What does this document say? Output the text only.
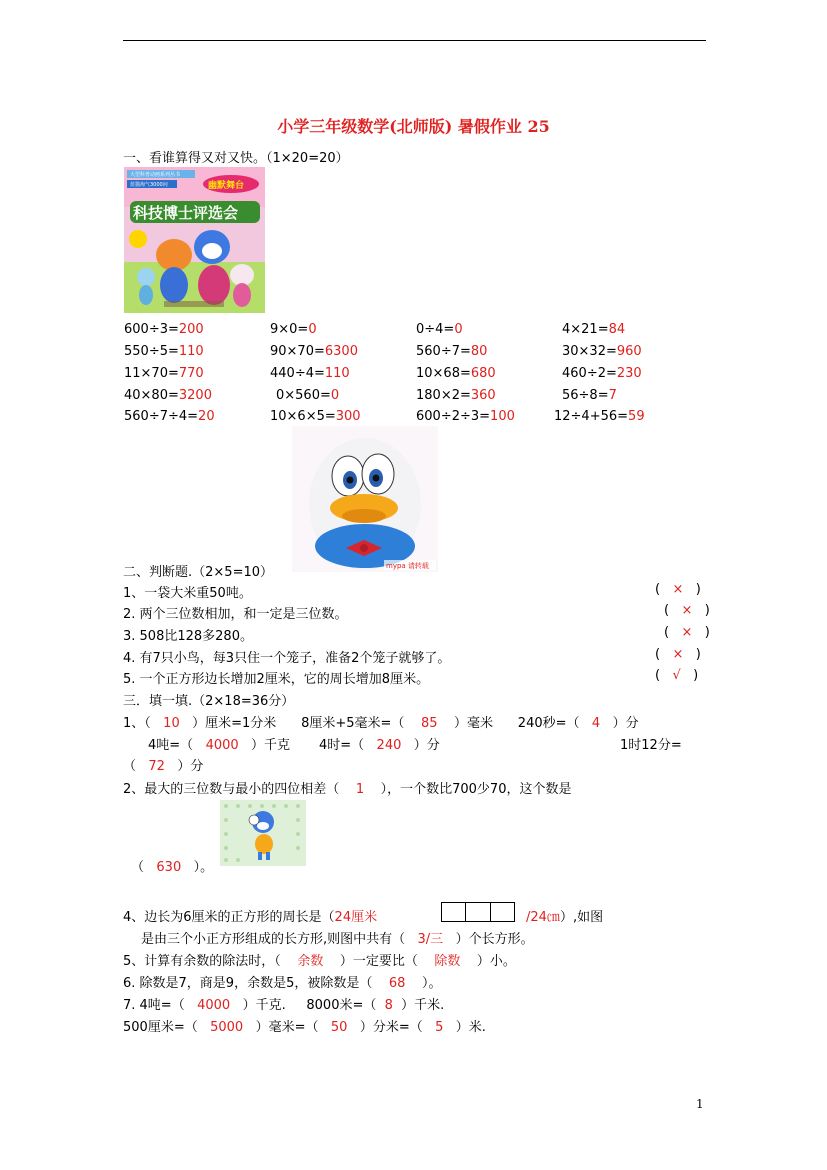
小学三年级数学(北师版) 暑假作业 25
一、看谁算得又对又快。（1×20=20）
大型科普动画系列丛书
蓝猫淘气3000问	幽默舞台
科技博士评选会
600÷3=200	9×0=0	0÷4=0	4×21=84
550÷5=110	90×70=6300	560÷7=80	30×32=960
11×70=770	440÷4=110	10×68=680	460÷2=230
40×80=3200	0×560=0	180×2=360	56÷8=7
560÷7÷4=20	10×6×5=300	600÷2÷3=100	12÷4+56=59
mypa 请转载
二、判断题.（2×5=10）
1、一袋大米重50吨。	(   ×   )
2. 两个三位数相加，和一定是三位数。	(   ×   )
3. 508比128多280。	(   ×   )
4. 有7只小鸟，每3只住一个笼子，准备2个笼子就够了。	(   ×   )
5. 一个正方形边长增加2厘米，它的周长增加8厘米。	(   √   )
三．填一填.（2×18=36分）
1、（   10   ）厘米=1分米      8厘米+5毫米=（    85    ）毫米      240秒=（   4   ）分
4吨=（   4000   ）千克       4时=（   240   ）分	1时12分=
（   72   ）分
2、最大的三位数与最小的四位相差（    1    ），一个数比700少70，这个数是
（   630   ）。
4、边长为6厘米的正方形的周长是（24厘米	/24㎝）,如图
是由三个小正方形组成的长方形,则图中共有（   3/三   ）个长方形。
5、计算有余数的除法时，（    余数    ）一定要比（    除数    ）小。
6. 除数是7，商是9，余数是5，被除数是（    68    ）。
7. 4吨=（   4000   ）千克.     8000米=（  8  ）千米.
500厘米=（   5000   ）毫米=（   50   ）分米=（   5   ）米.
1
